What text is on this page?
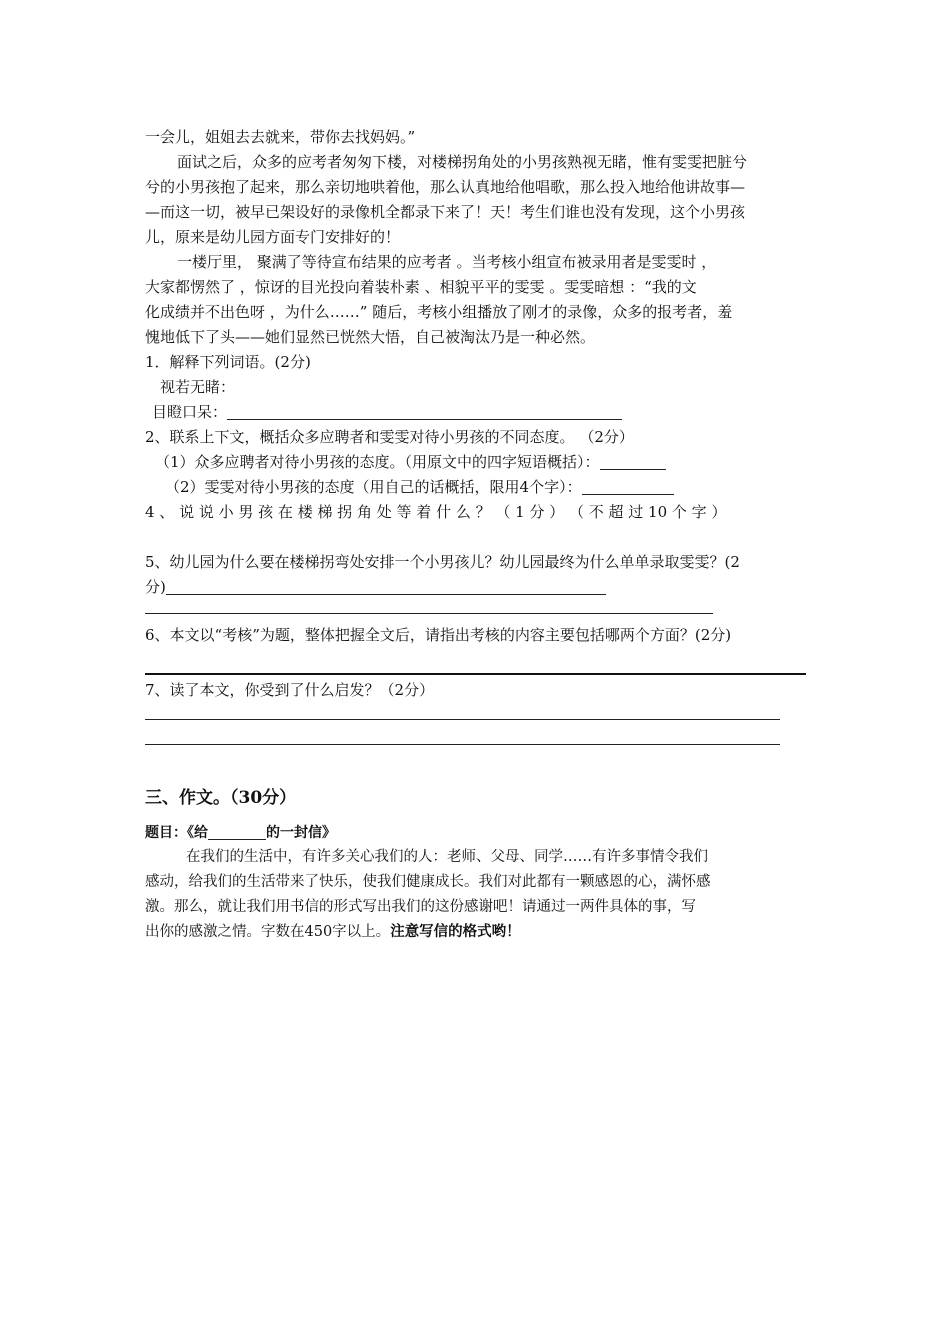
一会儿，姐姐去去就来，带你去找妈妈。”
面试之后，众多的应考者匆匆下楼，对楼梯拐角处的小男孩熟视无睹，惟有雯雯把脏兮
兮的小男孩抱了起来，那么亲切地哄着他，那么认真地给他唱歌，那么投入地给他讲故事—
—而这一切，被早已架设好的录像机全都录下来了！天！考生们谁也没有发现，这个小男孩
儿，原来是幼儿园方面专门安排好的！
一楼厅里， 聚满了等待宣布结果的应考者 。当考核小组宣布被录用者是雯雯时 ，
大家都愣然了 ，惊讶的目光投向着装朴素 、相貌平平的雯雯 。雯雯暗想 ：“我的文
化成绩并不出色呀 ，为什么……” 随后，考核小组播放了刚才的录像，众多的报考者，羞
愧地低下了头——她们显然已恍然大悟，自己被淘汰乃是一种必然。
1．解释下列词语。(2分)
视若无睹：
目瞪口呆：
2、联系上下文，概括众多应聘者和雯雯对待小男孩的不同态度。 （2分）
（1）众多应聘者对待小男孩的态度。（用原文中的四字短语概括）：
（2）雯雯对待小男孩的态度（用自己的话概括，限用4个字）：
4 、 说 说 小 男 孩 在 楼 梯 拐 角 处 等 着 什 么 ？ （ 1 分 ） （ 不 超 过 10 个 字 ）
5、幼儿园为什么要在楼梯拐弯处安排一个小男孩儿？幼儿园最终为什么单单录取雯雯？(2
分)
6、本文以“考核”为题，整体把握全文后，请指出考核的内容主要包括哪两个方面？(2分)
7、读了本文，你受到了什么启发？（2分）
三、作文。（30分）
题目：《给	的一封信》
在我们的生活中，有许多关心我们的人：老师、父母、同学……有许多事情令我们
感动，给我们的生活带来了快乐，使我们健康成长。我们对此都有一颗感恩的心，满怀感
激。那么，就让我们用书信的形式写出我们的这份感谢吧！请通过一两件具体的事，写
出你的感激之情。字数在450字以上。注意写信的格式哟！
